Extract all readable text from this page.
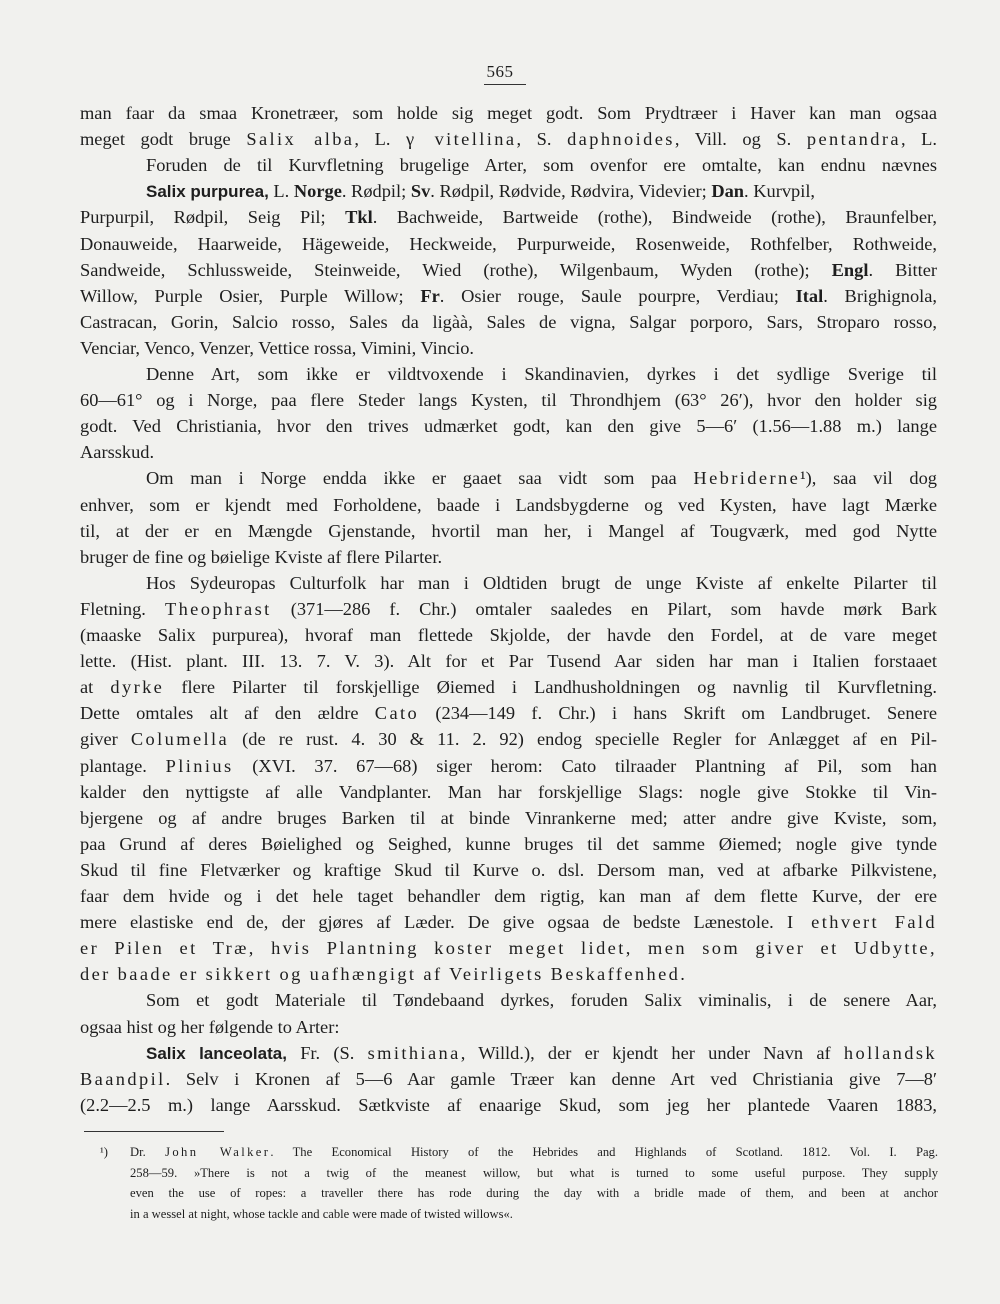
565
man faar da smaa Kronetræer, som holde sig meget godt. Som Prydtræer i Haver kan man ogsaa
meget godt bruge Salix alba, L. γ vitellina, S. daphnoides, Vill. og S. pentandra, L.
Foruden de til Kurvfletning brugelige Arter, som ovenfor ere omtalte, kan endnu nævnes
Salix purpurea, L. Norge. Rødpil; Sv. Rødpil, Rødvide, Rødvira, Videvier; Dan. Kurvpil,
Purpurpil, Rødpil, Seig Pil; Tkl. Bachweide, Bartweide (rothe), Bindweide (rothe), Braunfelber,
Donauweide, Haarweide, Hägeweide, Heckweide, Purpurweide, Rosenweide, Rothfelber, Rothweide,
Sandweide, Schlussweide, Steinweide, Wied (rothe), Wilgenbaum, Wyden (rothe); Engl. Bitter
Willow, Purple Osier, Purple Willow; Fr. Osier rouge, Saule pourpre, Verdiau; Ital. Brighignola,
Castracan, Gorin, Salcio rosso, Sales da ligàà, Sales de vigna, Salgar porporo, Sars, Stroparo rosso,
Venciar, Venco, Venzer, Vettice rossa, Vimini, Vincio.
Denne Art, som ikke er vildtvoxende i Skandinavien, dyrkes i det sydlige Sverige til
60—61° og i Norge, paa flere Steder langs Kysten, til Throndhjem (63° 26′), hvor den holder sig
godt. Ved Christiania, hvor den trives udmærket godt, kan den give 5—6′ (1.56—1.88 m.) lange
Aarsskud.
Om man i Norge endda ikke er gaaet saa vidt som paa Hebriderne¹), saa vil dog
enhver, som er kjendt med Forholdene, baade i Landsbygderne og ved Kysten, have lagt Mærke
til, at der er en Mængde Gjenstande, hvortil man her, i Mangel af Tougværk, med god Nytte
bruger de fine og bøielige Kviste af flere Pilarter.
Hos Sydeuropas Culturfolk har man i Oldtiden brugt de unge Kviste af enkelte Pilarter til
Fletning. Theophrast (371—286 f. Chr.) omtaler saaledes en Pilart, som havde mørk Bark
(maaske Salix purpurea), hvoraf man flettede Skjolde, der havde den Fordel, at de vare meget
lette. (Hist. plant. III. 13. 7. V. 3). Alt for et Par Tusend Aar siden har man i Italien forstaaet
at dyrke flere Pilarter til forskjellige Øiemed i Landhusholdningen og navnlig til Kurvfletning.
Dette omtales alt af den ældre Cato (234—149 f. Chr.) i hans Skrift om Landbruget. Senere
giver Columella (de re rust. 4. 30 & 11. 2. 92) endog specielle Regler for Anlægget af en Pil-
plantage. Plinius (XVI. 37. 67—68) siger herom: Cato tilraader Plantning af Pil, som han
kalder den nyttigste af alle Vandplanter. Man har forskjellige Slags: nogle give Stokke til Vin-
bjergene og af andre bruges Barken til at binde Vinrankerne med; atter andre give Kviste, som,
paa Grund af deres Bøielighed og Seighed, kunne bruges til det samme Øiemed; nogle give tynde
Skud til fine Fletværker og kraftige Skud til Kurve o. dsl. Dersom man, ved at afbarke Pilkvistene,
faar dem hvide og i det hele taget behandler dem rigtig, kan man af dem flette Kurve, der ere
mere elastiske end de, der gjøres af Læder. De give ogsaa de bedste Lænestole. I ethvert Fald
er Pilen et Træ, hvis Plantning koster meget lidet, men som giver et Udbytte,
der baade er sikkert og uafhængigt af Veirligets Beskaffenhed.
Som et godt Materiale til Tøndebaand dyrkes, foruden Salix viminalis, i de senere Aar,
ogsaa hist og her følgende to Arter:
Salix lanceolata, Fr. (S. smithiana, Willd.), der er kjendt her under Navn af hollandsk
Baandpil. Selv i Kronen af 5—6 Aar gamle Træer kan denne Art ved Christiania give 7—8′
(2.2—2.5 m.) lange Aarsskud. Sætkviste af enaarige Skud, som jeg her plantede Vaaren 1883,
¹) Dr. John Walker. The Economical History of the Hebrides and Highlands of Scotland. 1812. Vol. I. Pag.
258—59. »There is not a twig of the meanest willow, but what is turned to some useful purpose. They supply
even the use of ropes: a traveller there has rode during the day with a bridle made of them, and been at anchor
in a wessel at night, whose tackle and cable were made of twisted willows«.
